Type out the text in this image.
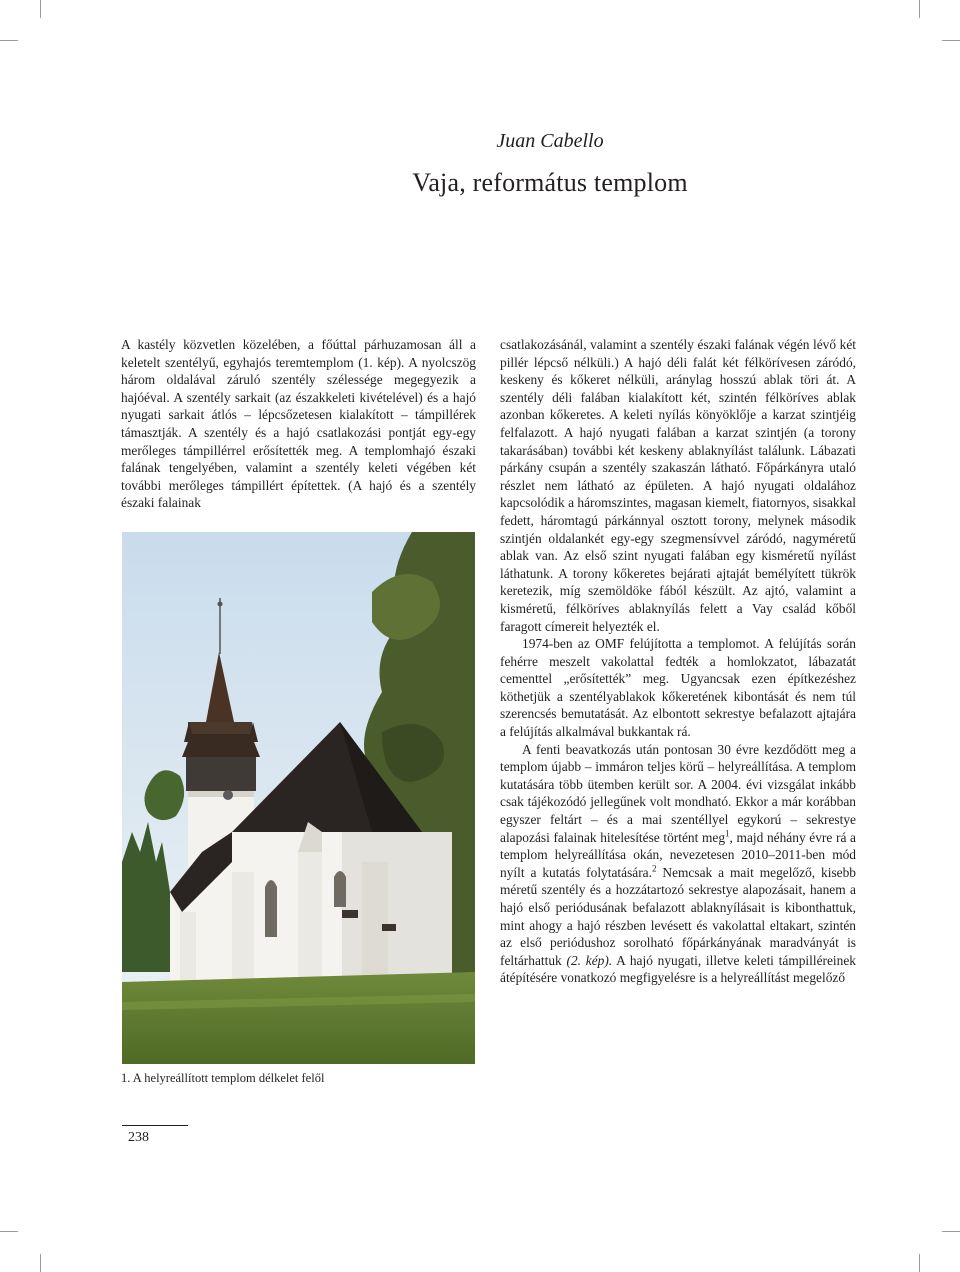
Juan Cabello
Vaja, református templom

A kastély közvetlen közelében, a főúttal párhuzamosan áll a keletelt szentélyű, egyhajós teremtemplom (1. kép). A nyolcszög három oldalával záruló szentély szélessége megegyezik a hajóéval. A szentély sarkait (az északkeleti kivételével) és a hajó nyugati sarkait átlós – lépcsőzetesen kialakított – támpillérek támasztják. A szentély és a hajó csatlakozási pontját egy-egy merőleges támpillérrel erősítették meg. A templomhajó északi falának tengelyében, valamint a szentély keleti végében két további merőleges támpillért építettek. (A hajó és a szentély északi falainak

1. A helyreállított templom délkelet felől

csatlakozásánál, valamint a szentély északi falának végén lévő két pillér lépcső nélküli.) A hajó déli falát két félkörívesen záródó, keskeny és kőkeret nélküli, aránylag hosszú ablak töri át. A szentély déli falában kialakított két, szintén félköríves ablak azonban kőkeretes. A keleti nyílás könyöklője a karzat szintjéig felfalazott. A hajó nyugati falában a karzat szintjén (a torony takarásában) további két keskeny ablaknyílást találunk. Lábazati párkány csupán a szentély szakaszán látható. Főpárkányra utaló részlet nem látható az épületen. A hajó nyugati oldalához kapcsolódik a háromszintes, magasan kiemelt, fiatornyos, sisakkal fedett, háromtagú párkánnyal osztott torony, melynek második szintjén oldalankét egy-egy szegmensívvel záródó, nagyméretű ablak van. Az első szint nyugati falában egy kisméretű nyílást láthatunk. A torony kőkeretes bejárati ajtaját bemélyített tükrök keretezik, míg szemöldöke fából készült. Az ajtó, valamint a kisméretű, félköríves ablaknyílás felett a Vay család kőből faragott címereit helyezték el.

1974-ben az OMF felújította a templomot. A felújítás során fehérre meszelt vakolattal fedték a homlokzatot, lábazatát cementtel „erősítették” meg. Ugyancsak ezen építkezéshez köthetjük a szentélyablakok kőkeretének kibontását és nem túl szerencsés bemutatását. Az elbontott sekrestye befalazott ajtajára a felújítás alkalmával bukkantak rá.

A fenti beavatkozás után pontosan 30 évre kezdődött meg a templom újabb – immáron teljes körű – helyreállítása. A templom kutatására több ütemben került sor. A 2004. évi vizsgálat inkább csak tájékozódó jellegűnek volt mondható. Ekkor a már korábban egyszer feltárt – és a mai szentéllyel egykorú – sekrestye alapozási falainak hitelesítése történt meg$^1$, majd néhány évre rá a templom helyreállítása okán, nevezetesen 2010–2011-ben mód nyílt a kutatás folytatására.$^2$ Nemcsak a mait megelőző, kisebb méretű szentély és a hozzátartozó sekrestye alapozásait, hanem a hajó első periódusának befalazott ablaknyílásait is kibonthattuk, mint ahogy a hajó részben levésett és vakolattal eltakart, szintén az első periódushoz sorolható főpárkányának maradványát is feltárhattuk (2. kép). A hajó nyugati, illetve keleti támpilléreinek átépítésére vonatkozó megfigyelésre is a helyreállítást megelőző

238
